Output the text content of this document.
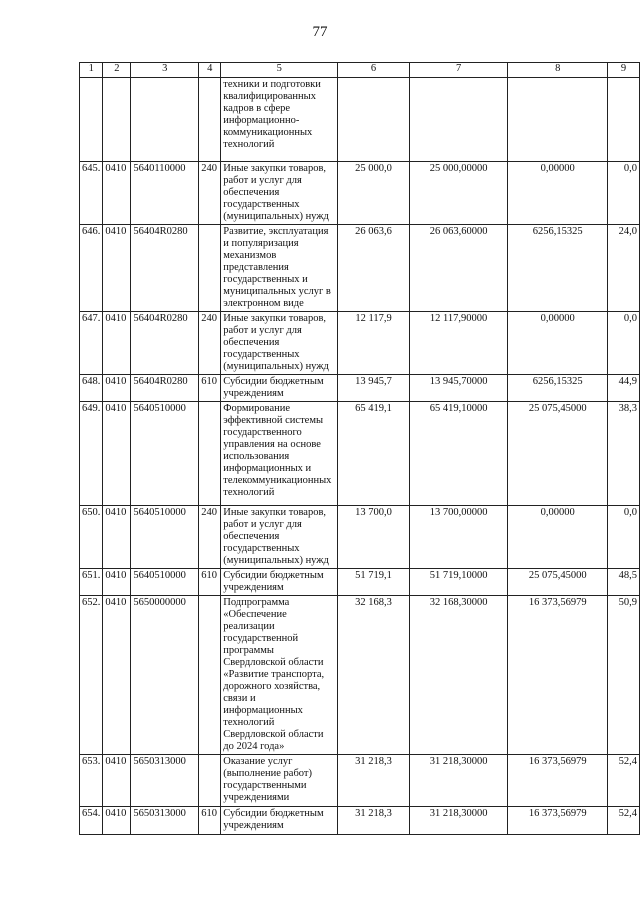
77
1	2	3	4	5	6	7	8	9
				техники и подготовки квалифицированных кадров в сфере информационно-коммуникационных технологий				
645.	0410	5640110000	240	Иные закупки товаров, работ и услуг для обеспечения государственных (муниципальных) нужд	25 000,0	25 000,00000	0,00000	0,0
646.	0410	56404R0280		Развитие, эксплуатация и популяризация механизмов представления государственных и муниципальных услуг в электронном виде	26 063,6	26 063,60000	6256,15325	24,0
647.	0410	56404R0280	240	Иные закупки товаров, работ и услуг для обеспечения государственных (муниципальных) нужд	12 117,9	12 117,90000	0,00000	0,0
648.	0410	56404R0280	610	Субсидии бюджетным учреждениям	13 945,7	13 945,70000	6256,15325	44,9
649.	0410	5640510000		Формирование эффективной системы государственного управления на основе использования информационных и телекоммуникационных технологий	65 419,1	65 419,10000	25 075,45000	38,3
650.	0410	5640510000	240	Иные закупки товаров, работ и услуг для обеспечения государственных (муниципальных) нужд	13 700,0	13 700,00000	0,00000	0,0
651.	0410	5640510000	610	Субсидии бюджетным учреждениям	51 719,1	51 719,10000	25 075,45000	48,5
652.	0410	5650000000		Подпрограмма «Обеспечение реализации государственной программы Свердловской области «Развитие транспорта, дорожного хозяйства, связи и информационных технологий Свердловской области до 2024 года»	32 168,3	32 168,30000	16 373,56979	50,9
653.	0410	5650313000		Оказание услуг (выполнение работ) государственными учреждениями	31 218,3	31 218,30000	16 373,56979	52,4
654.	0410	5650313000	610	Субсидии бюджетным учреждениям	31 218,3	31 218,30000	16 373,56979	52,4
